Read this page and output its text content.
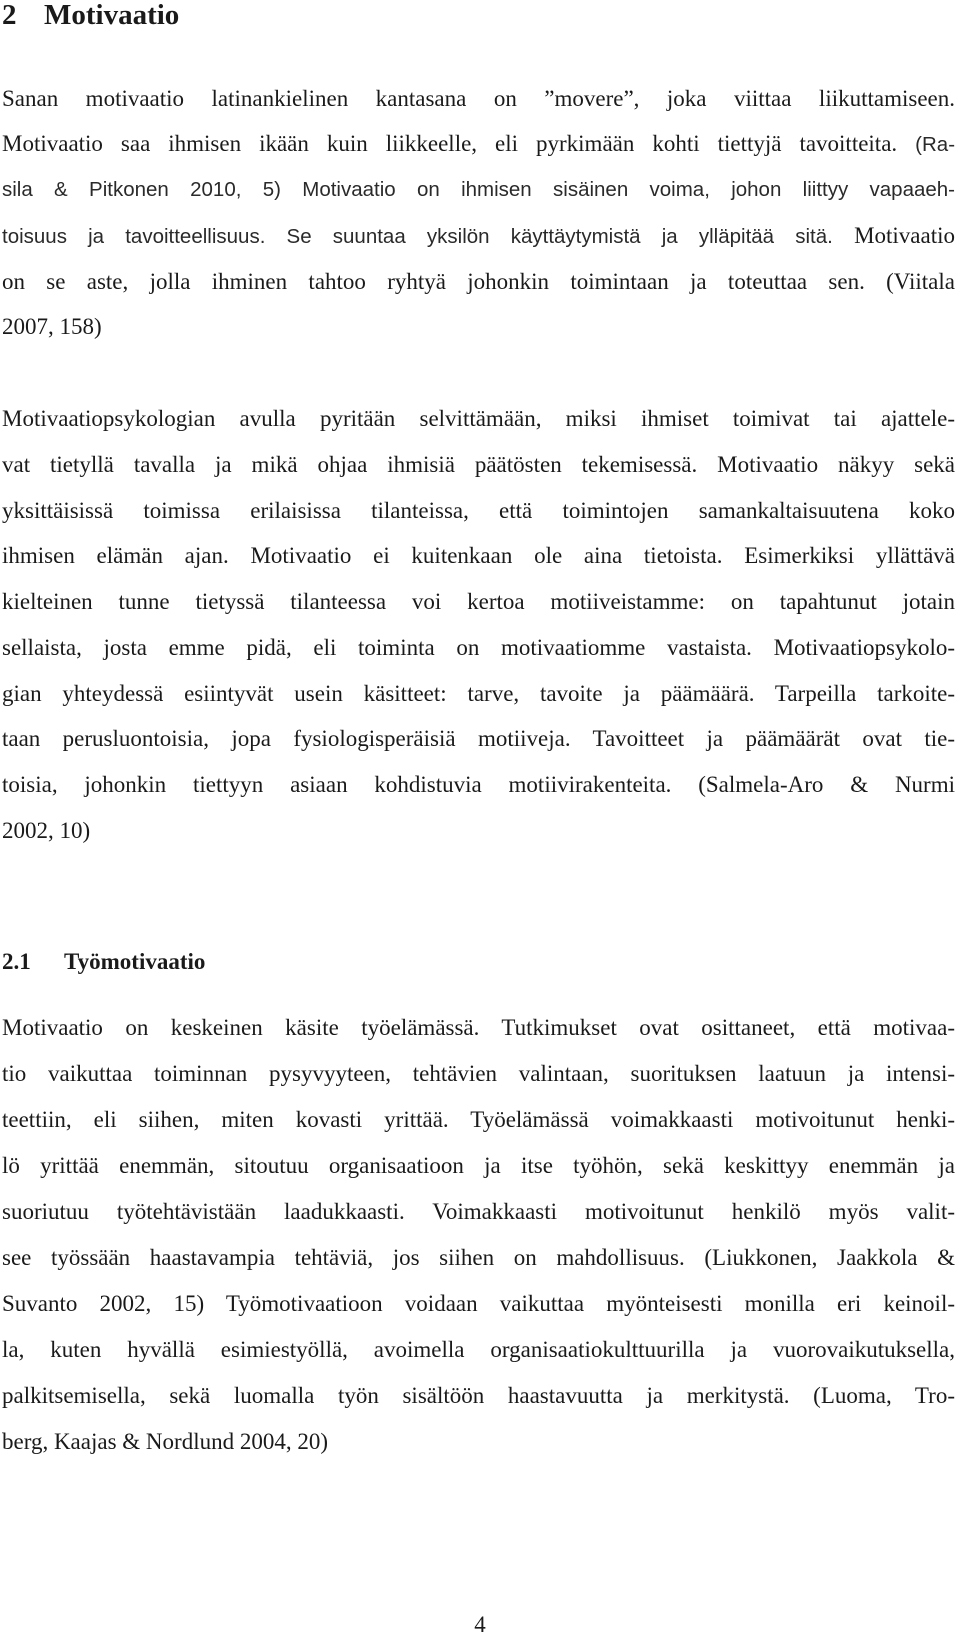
2 Motivaatio
Sanan motivaatio latinankielinen kantasana on ”movere”, joka viittaa liikuttamiseen.
Motivaatio saa ihmisen ikään kuin liikkeelle, eli pyrkimään kohti tiettyjä tavoitteita. (Ra-
sila & Pitkonen 2010, 5) Motivaatio on ihmisen sisäinen voima, johon liittyy vapaaeh-
toisuus ja tavoitteellisuus. Se suuntaa yksilön käyttäytymistä ja ylläpitää sitä. Motivaatio
on se aste, jolla ihminen tahtoo ryhtyä johonkin toimintaan ja toteuttaa sen. (Viitala
2007, 158)
Motivaatiopsykologian avulla pyritään selvittämään, miksi ihmiset toimivat tai ajattele-
vat tietyllä tavalla ja mikä ohjaa ihmisiä päätösten tekemisessä. Motivaatio näkyy sekä
yksittäisissä toimissa erilaisissa tilanteissa, että toimintojen samankaltaisuutena koko
ihmisen elämän ajan. Motivaatio ei kuitenkaan ole aina tietoista. Esimerkiksi yllättävä
kielteinen tunne tietyssä tilanteessa voi kertoa motiiveistamme: on tapahtunut jotain
sellaista, josta emme pidä, eli toiminta on motivaatiomme vastaista. Motivaatiopsykolo-
gian yhteydessä esiintyvät usein käsitteet: tarve, tavoite ja päämäärä. Tarpeilla tarkoite-
taan perusluontoisia, jopa fysiologisperäisiä motiiveja. Tavoitteet ja päämäärät ovat tie-
toisia, johonkin tiettyyn asiaan kohdistuvia motiivirakenteita. (Salmela-Aro & Nurmi
2002, 10)
2.1 Työmotivaatio
Motivaatio on keskeinen käsite työelämässä. Tutkimukset ovat osittaneet, että motivaa-
tio vaikuttaa toiminnan pysyvyyteen, tehtävien valintaan, suorituksen laatuun ja intensi-
teettiin, eli siihen, miten kovasti yrittää. Työelämässä voimakkaasti motivoitunut henki-
lö yrittää enemmän, sitoutuu organisaatioon ja itse työhön, sekä keskittyy enemmän ja
suoriutuu työtehtävistään laadukkaasti. Voimakkaasti motivoitunut henkilö myös valit-
see työssään haastavampia tehtäviä, jos siihen on mahdollisuus. (Liukkonen, Jaakkola &
Suvanto 2002, 15) Työmotivaatioon voidaan vaikuttaa myönteisesti monilla eri keinoil-
la, kuten hyvällä esimiestyöllä, avoimella organisaatiokulttuurilla ja vuorovaikutuksella,
palkitsemisella, sekä luomalla työn sisältöön haastavuutta ja merkitystä. (Luoma, Tro-
berg, Kaajas & Nordlund 2004, 20)
4
